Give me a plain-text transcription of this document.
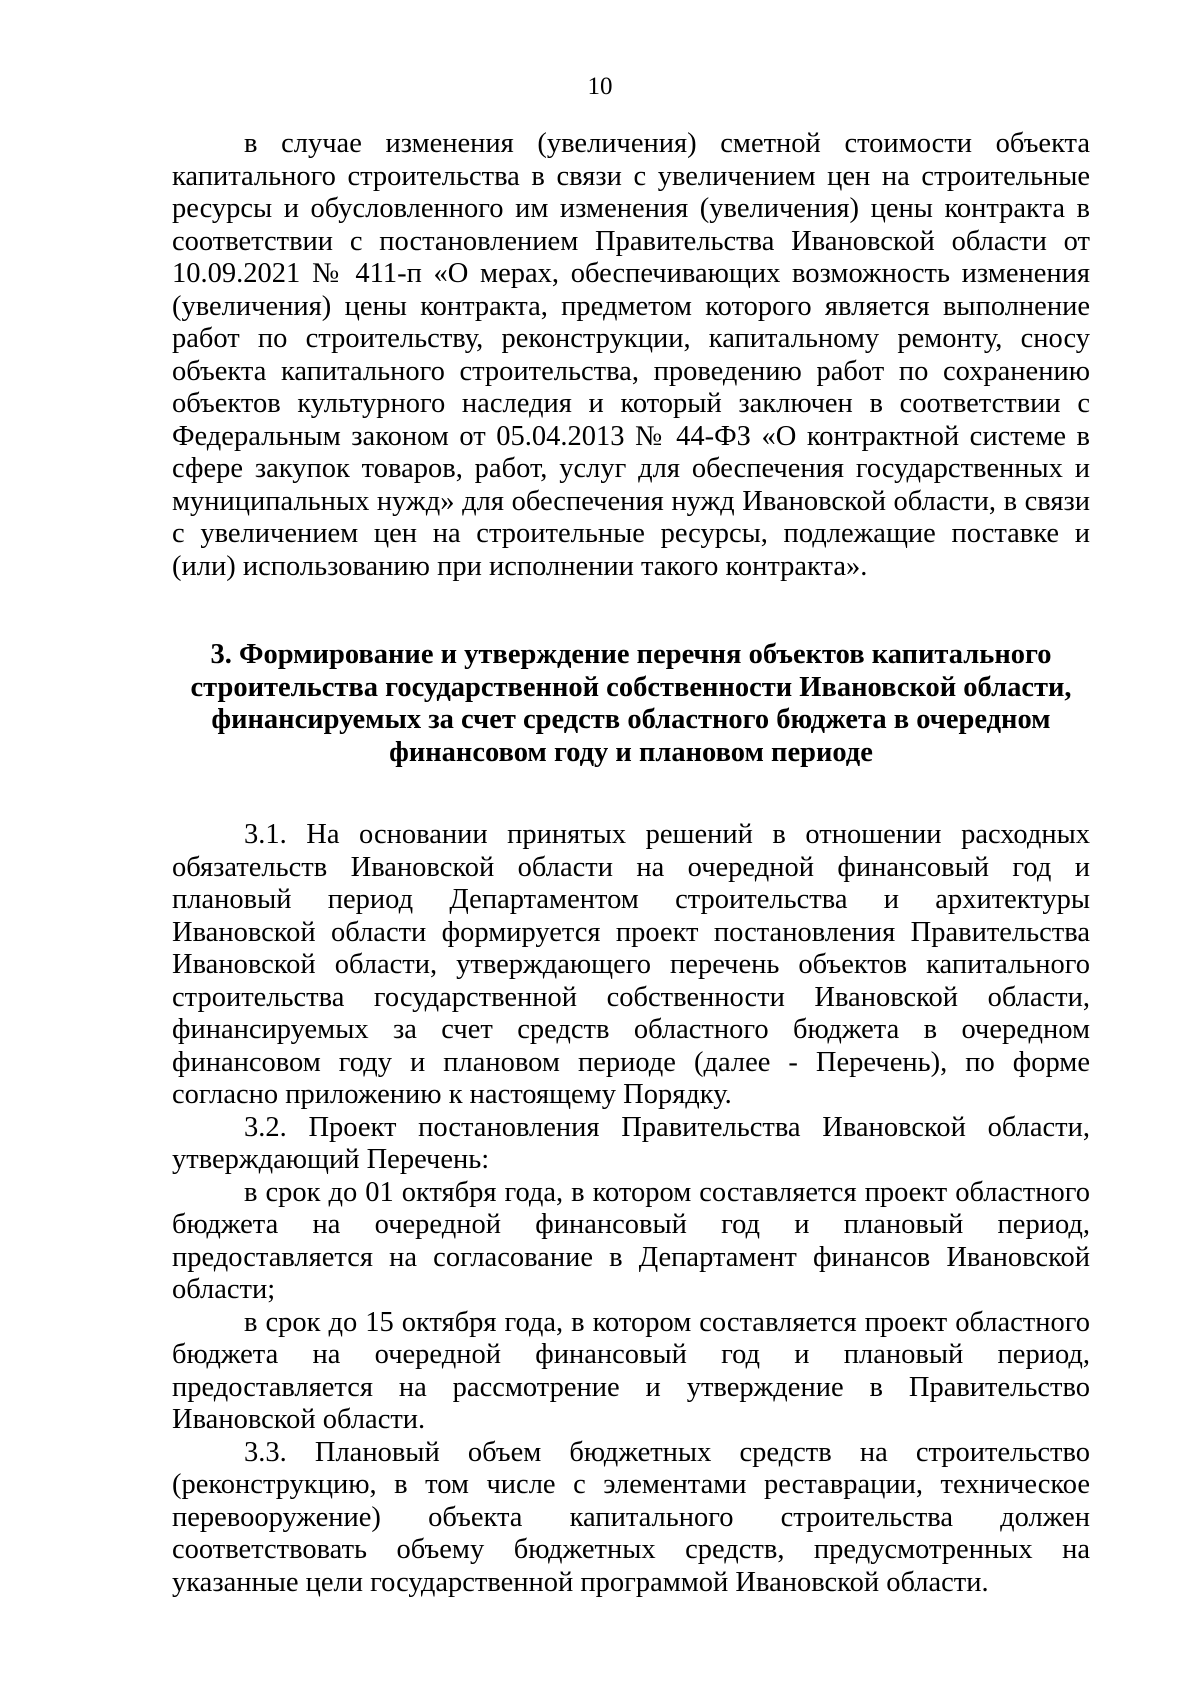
10

в случае изменения (увеличения) сметной стоимости объекта капитального строительства в связи с увеличением цен на строительные ресурсы и обусловленного им изменения (увеличения) цены контракта в соответствии с постановлением Правительства Ивановской области от 10.09.2021 № 411-п «О мерах, обеспечивающих возможность изменения (увеличения) цены контракта, предметом которого является выполнение работ по строительству, реконструкции, капитальному ремонту, сносу объекта капитального строительства, проведению работ по сохранению объектов культурного наследия и который заключен в соответствии с Федеральным законом от 05.04.2013 № 44-ФЗ «О контрактной системе в сфере закупок товаров, работ, услуг для обеспечения государственных и муниципальных нужд» для обеспечения нужд Ивановской области, в связи с увеличением цен на строительные ресурсы, подлежащие поставке и (или) использованию при исполнении такого контракта».

3. Формирование и утверждение перечня объектов капитального строительства государственной собственности Ивановской области, финансируемых за счет средств областного бюджета в очередном финансовом году и плановом периоде

3.1. На основании принятых решений в отношении расходных обязательств Ивановской области на очередной финансовый год и плановый период Департаментом строительства и архитектуры Ивановской области формируется проект постановления Правительства Ивановской области, утверждающего перечень объектов капитального строительства государственной собственности Ивановской области, финансируемых за счет средств областного бюджета в очередном финансовом году и плановом периоде (далее - Перечень), по форме согласно приложению к настоящему Порядку.

3.2. Проект постановления Правительства Ивановской области, утверждающий Перечень:

в срок до 01 октября года, в котором составляется проект областного бюджета на очередной финансовый год и плановый период, предоставляется на согласование в Департамент финансов Ивановской области;

в срок до 15 октября года, в котором составляется проект областного бюджета на очередной финансовый год и плановый период, предоставляется на рассмотрение и утверждение в Правительство Ивановской области.

3.3. Плановый объем бюджетных средств на строительство (реконструкцию, в том числе с элементами реставрации, техническое перевооружение) объекта капитального строительства должен соответствовать объему бюджетных средств, предусмотренных на указанные цели государственной программой Ивановской области.
